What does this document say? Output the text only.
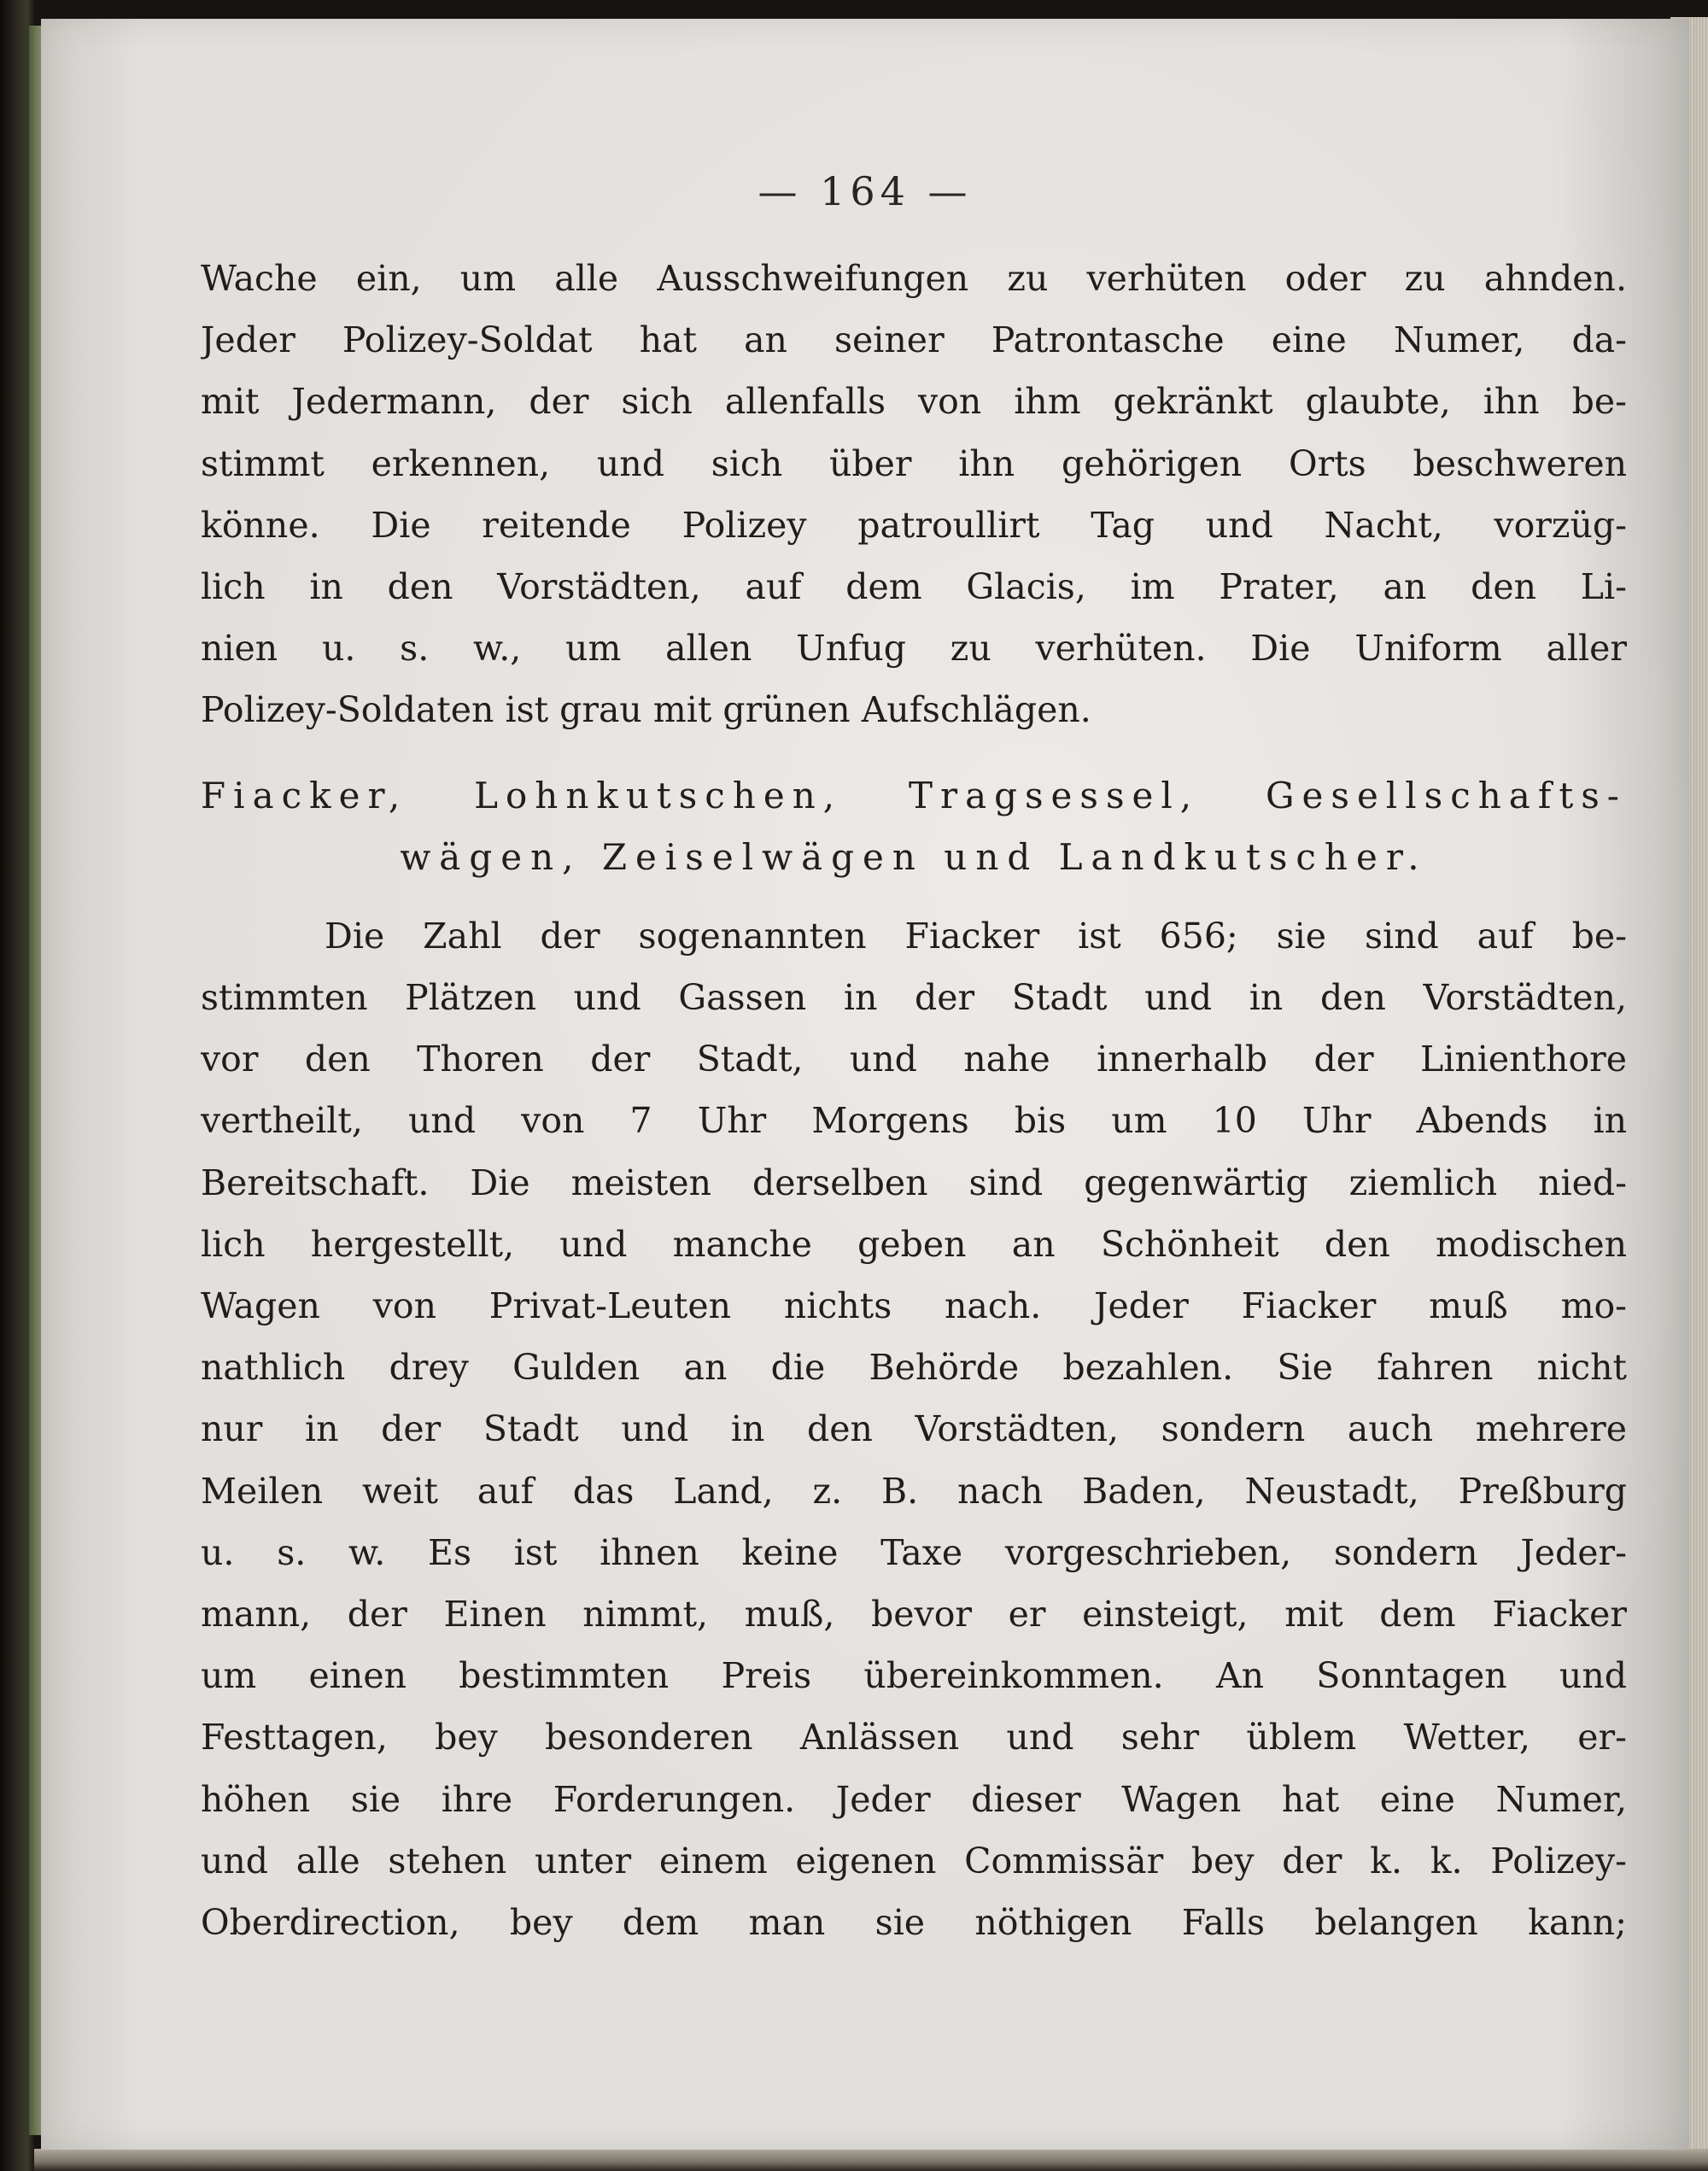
— 164 —
Wache ein, um alle Ausschweifungen zu verhüten oder zu ahnden.
Jeder Polizey-Soldat hat an seiner Patrontasche eine Numer, da-
mit Jedermann, der sich allenfalls von ihm gekränkt glaubte, ihn be-
stimmt erkennen, und sich über ihn gehörigen Orts beschweren
könne. Die reitende Polizey patroullirt Tag und Nacht, vorzüg-
lich in den Vorstädten, auf dem Glacis, im Prater, an den Li-
nien u. s. w., um allen Unfug zu verhüten. Die Uniform aller
Polizey-Soldaten ist grau mit grünen Aufschlägen.
Fiacker, Lohnkutschen, Tragsessel, Gesellschafts-
wägen, Zeiselwägen und Landkutscher.
Die Zahl der sogenannten Fiacker ist 656; sie sind auf be-
stimmten Plätzen und Gassen in der Stadt und in den Vorstädten,
vor den Thoren der Stadt, und nahe innerhalb der Linienthore
vertheilt, und von 7 Uhr Morgens bis um 10 Uhr Abends in
Bereitschaft. Die meisten derselben sind gegenwärtig ziemlich nied-
lich hergestellt, und manche geben an Schönheit den modischen
Wagen von Privat-Leuten nichts nach. Jeder Fiacker muß mo-
nathlich drey Gulden an die Behörde bezahlen. Sie fahren nicht
nur in der Stadt und in den Vorstädten, sondern auch mehrere
Meilen weit auf das Land, z. B. nach Baden, Neustadt, Preßburg
u. s. w. Es ist ihnen keine Taxe vorgeschrieben, sondern Jeder-
mann, der Einen nimmt, muß, bevor er einsteigt, mit dem Fiacker
um einen bestimmten Preis übereinkommen. An Sonntagen und
Festtagen, bey besonderen Anlässen und sehr üblem Wetter, er-
höhen sie ihre Forderungen. Jeder dieser Wagen hat eine Numer,
und alle stehen unter einem eigenen Commissär bey der k. k. Polizey-
Oberdirection, bey dem man sie nöthigen Falls belangen kann;
